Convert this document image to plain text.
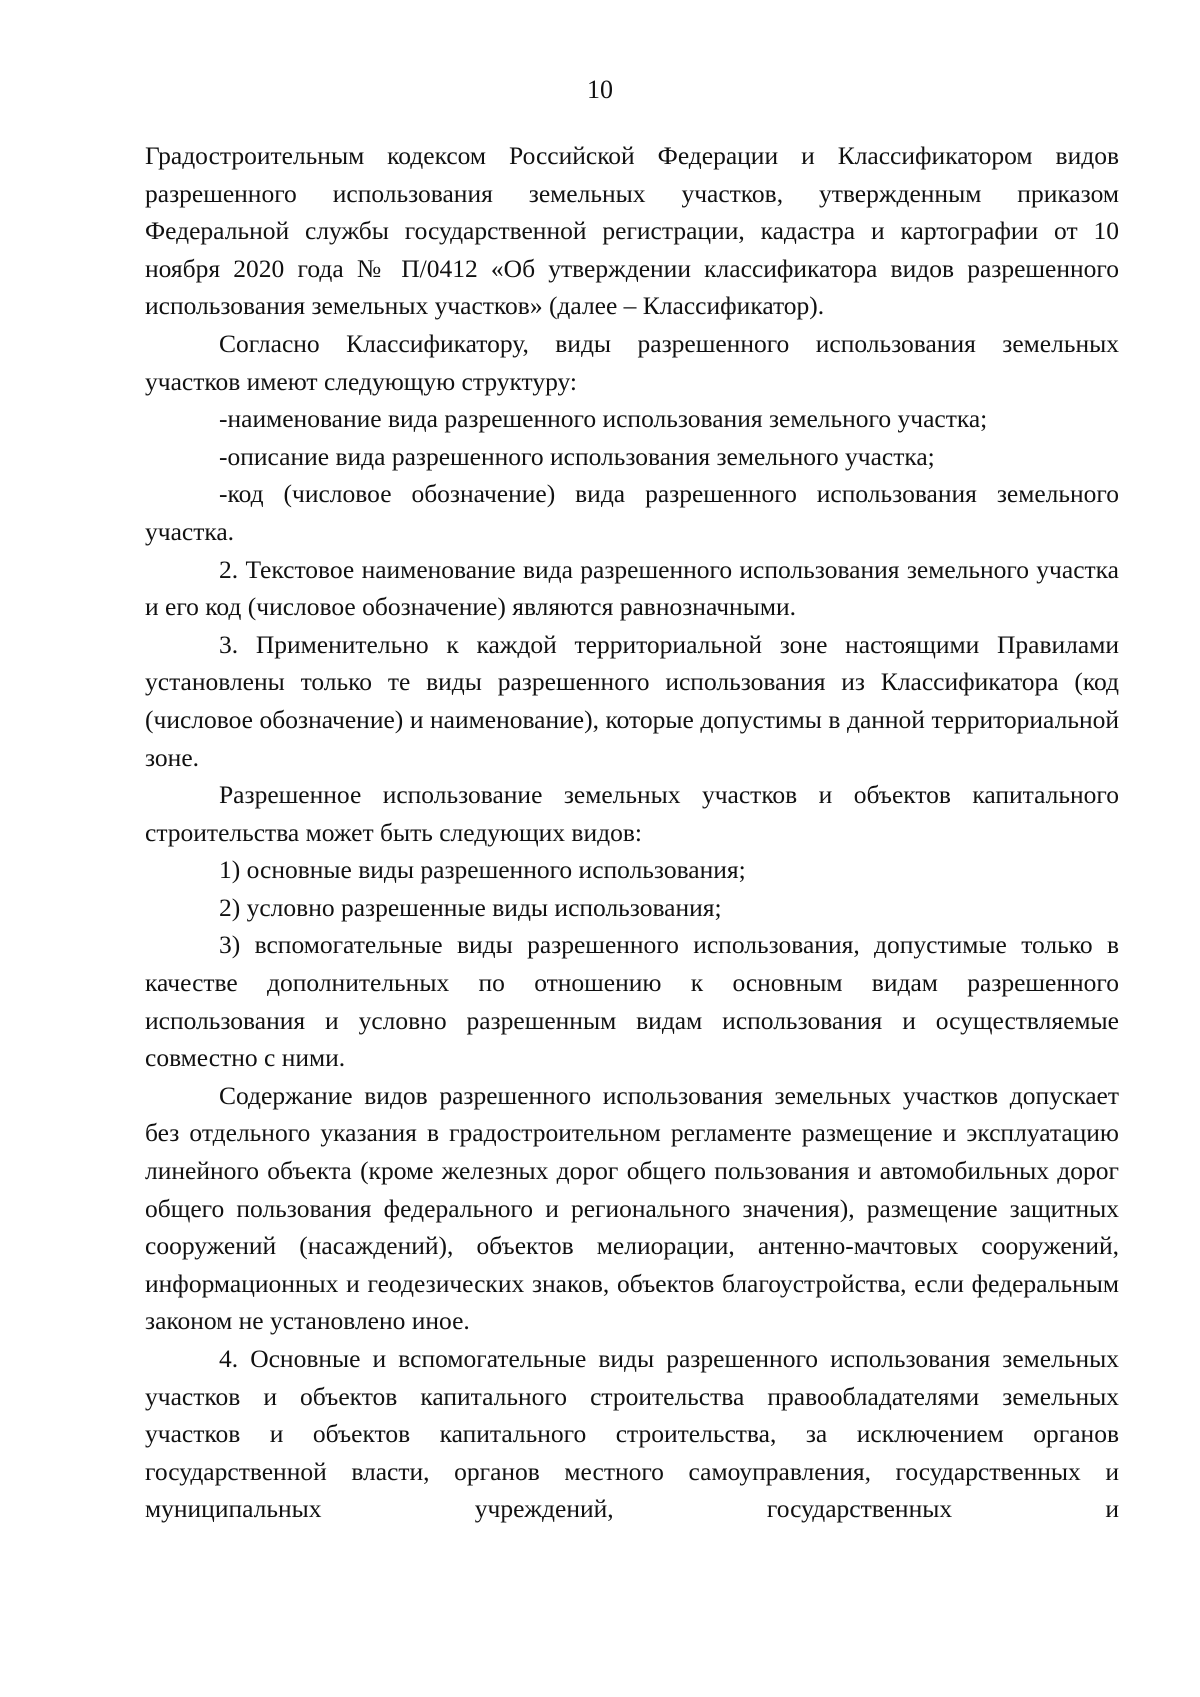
10

Градостроительным кодексом Российской Федерации и Классификатором видов разрешенного использования земельных участков, утвержденным приказом Федеральной службы государственной регистрации, кадастра и картографии от 10 ноября 2020 года № П/0412 «Об утверждении классификатора видов разрешенного использования земельных участков» (далее – Классификатор).

Согласно Классификатору, виды разрешенного использования земельных участков имеют следующую структуру:

‑наименование вида разрешенного использования земельного участка;

‑описание вида разрешенного использования земельного участка;

‑код (числовое обозначение) вида разрешенного использования земельного участка.

2. Текстовое наименование вида разрешенного использования земельного участка и его код (числовое обозначение) являются равнозначными.

3. Применительно к каждой территориальной зоне настоящими Правилами установлены только те виды разрешенного использования из Классификатора (код (числовое обозначение) и наименование), которые допустимы в данной территориальной зоне.

Разрешенное использование земельных участков и объектов капитального строительства может быть следующих видов:

1) основные виды разрешенного использования;

2) условно разрешенные виды использования;

3) вспомогательные виды разрешенного использования, допустимые только в качестве дополнительных по отношению к основным видам разрешенного использования и условно разрешенным видам использования и осуществляемые совместно с ними.

Содержание видов разрешенного использования земельных участков допускает без отдельного указания в градостроительном регламенте размещение и эксплуатацию линейного объекта (кроме железных дорог общего пользования и автомобильных дорог общего пользования федерального и регионального значения), размещение защитных сооружений (насаждений), объектов мелиорации, антенно-мачтовых сооружений, информационных и геодезических знаков, объектов благоустройства, если федеральным законом не установлено иное.

4. Основные и вспомогательные виды разрешенного использования земельных участков и объектов капитального строительства правообладателями земельных участков и объектов капитального строительства, за исключением органов государственной власти, органов местного самоуправления, государственных и муниципальных учреждений, государственных и
